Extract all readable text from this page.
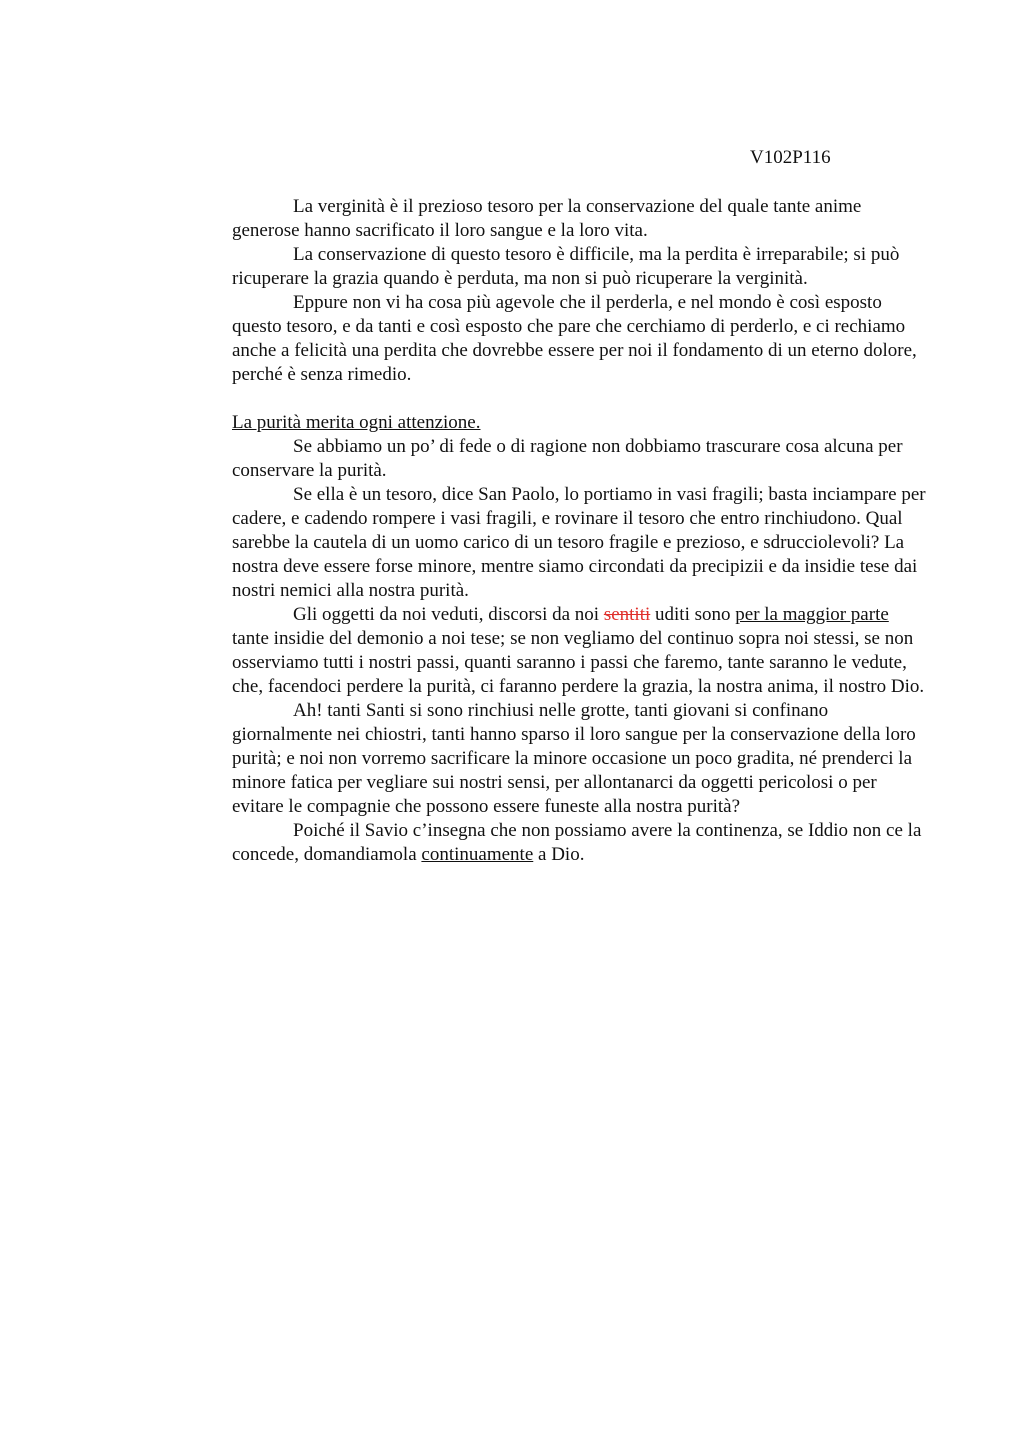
V102P116

La verginità è il prezioso tesoro per la conservazione del quale tante anime generose hanno sacrificato il loro sangue e la loro vita.

La conservazione di questo tesoro è difficile, ma la perdita è irreparabile; si può ricuperare la grazia quando è perduta, ma non si può ricuperare la verginità.

Eppure non vi ha cosa più agevole che il perderla, e nel mondo è così esposto questo tesoro, e da tanti e così esposto che pare che cerchiamo di perderlo, e ci rechiamo anche a felicità una perdita che dovrebbe essere per noi il fondamento di un eterno dolore, perché è senza rimedio.

La purità merita ogni attenzione.

Se abbiamo un po’ di fede o di ragione non dobbiamo trascurare cosa alcuna per conservare la purità.

Se ella è un tesoro, dice San Paolo, lo portiamo in vasi fragili; basta inciampare per cadere, e cadendo rompere i vasi fragili, e rovinare il tesoro che entro rinchiudono. Qual sarebbe la cautela di un uomo carico di un tesoro fragile e prezioso, e sdrucciolevoli? La nostra deve essere forse minore, mentre siamo circondati da precipizii e da insidie tese dai nostri nemici alla nostra purità.

Gli oggetti da noi veduti, discorsi da noi sentiti uditi sono per la maggior parte tante insidie del demonio a noi tese; se non vegliamo del continuo sopra noi stessi, se non osserviamo tutti i nostri passi, quanti saranno i passi che faremo, tante saranno le vedute, che, facendoci perdere la purità, ci faranno perdere la grazia, la nostra anima, il nostro Dio.

Ah! tanti Santi si sono rinchiusi nelle grotte, tanti giovani si confinano giornalmente nei chiostri, tanti hanno sparso il loro sangue per la conservazione della loro purità; e noi non vorremo sacrificare la minore occasione un poco gradita, né prenderci la minore fatica per vegliare sui nostri sensi, per allontanarci da oggetti pericolosi o per evitare le compagnie che possono essere funeste alla nostra purità?

Poiché il Savio c’insegna che non possiamo avere la continenza, se Iddio non ce la concede, domandiamola continuamente a Dio.
